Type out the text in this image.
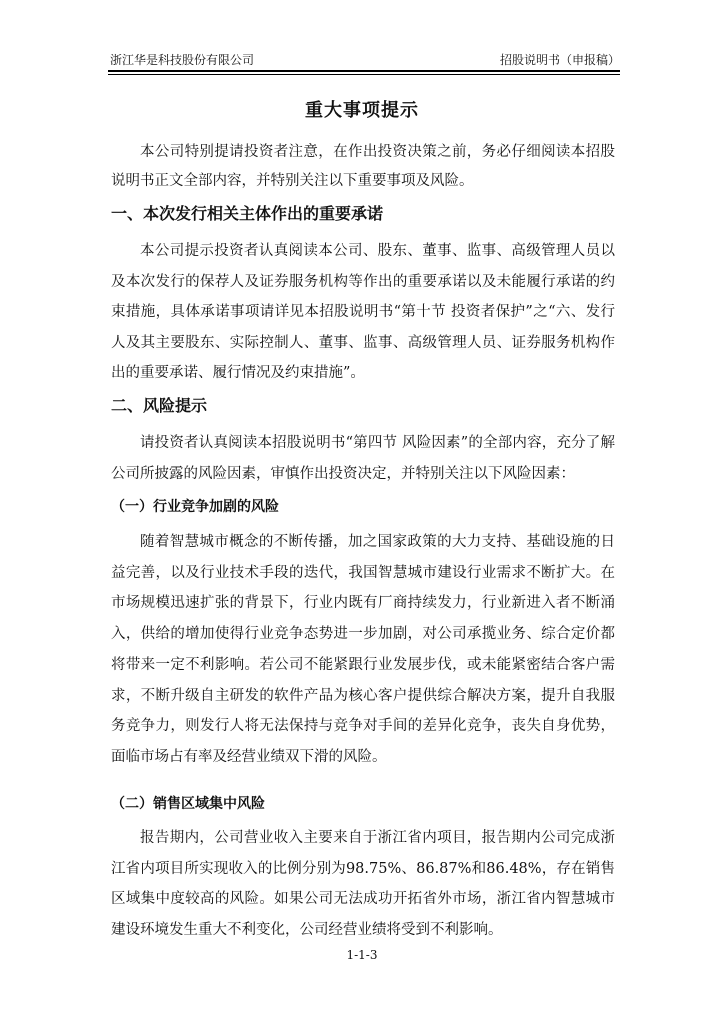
浙江华是科技股份有限公司	招股说明书（申报稿）
重大事项提示

本公司特别提请投资者注意，在作出投资决策之前，务必仔细阅读本招股说明书正文全部内容，并特别关注以下重要事项及风险。

一、本次发行相关主体作出的重要承诺

本公司提示投资者认真阅读本公司、股东、董事、监事、高级管理人员以及本次发行的保荐人及证券服务机构等作出的重要承诺以及未能履行承诺的约束措施，具体承诺事项请详见本招股说明书“第十节 投资者保护”之“六、发行人及其主要股东、实际控制人、董事、监事、高级管理人员、证券服务机构作出的重要承诺、履行情况及约束措施”。

二、风险提示

请投资者认真阅读本招股说明书“第四节 风险因素”的全部内容，充分了解公司所披露的风险因素，审慎作出投资决定，并特别关注以下风险因素：

（一）行业竞争加剧的风险

随着智慧城市概念的不断传播，加之国家政策的大力支持、基础设施的日益完善，以及行业技术手段的迭代，我国智慧城市建设行业需求不断扩大。在市场规模迅速扩张的背景下，行业内既有厂商持续发力，行业新进入者不断涌入，供给的增加使得行业竞争态势进一步加剧，对公司承揽业务、综合定价都将带来一定不利影响。若公司不能紧跟行业发展步伐，或未能紧密结合客户需求，不断升级自主研发的软件产品为核心客户提供综合解决方案，提升自我服务竞争力，则发行人将无法保持与竞争对手间的差异化竞争，丧失自身优势，面临市场占有率及经营业绩双下滑的风险。

（二）销售区域集中风险

报告期内，公司营业收入主要来自于浙江省内项目，报告期内公司完成浙江省内项目所实现收入的比例分别为98.75%、86.87%和86.48%，存在销售区域集中度较高的风险。如果公司无法成功开拓省外市场，浙江省内智慧城市建设环境发生重大不利变化，公司经营业绩将受到不利影响。

1-1-3
